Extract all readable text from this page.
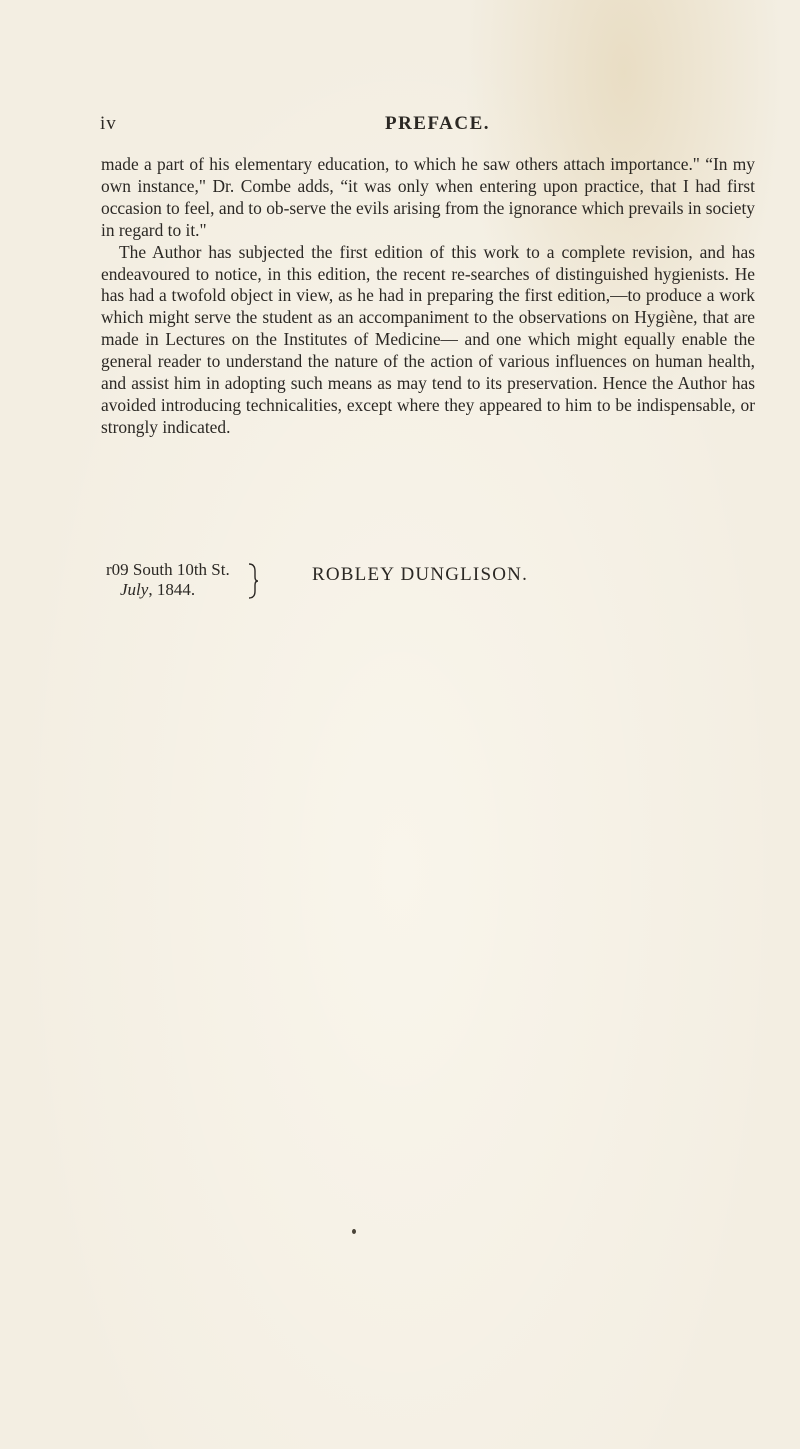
iv	PREFACE.

made a part of his elementary education, to which he saw others attach importance." “In my own instance," Dr. Combe adds, “it was only when entering upon practice, that I had first occasion to feel, and to ob-serve the evils arising from the ignorance which prevails in society in regard to it."

The Author has subjected the first edition of this work to a complete revision, and has endeavoured to notice, in this edition, the recent re-searches of distinguished hygienists. He has had a twofold object in view, as he had in preparing the first edition,—to produce a work which might serve the student as an accompaniment to the observations on Hygiène, that are made in Lectures on the Institutes of Medicine— and one which might equally enable the general reader to understand the nature of the action of various influences on human health, and assist him in adopting such means as may tend to its preservation. Hence the Author has avoided introducing technicalities, except where they appeared to him to be indispensable, or strongly indicated.

r09 South 10th St.
July, 1844.
ROBLEY DUNGLISON.
